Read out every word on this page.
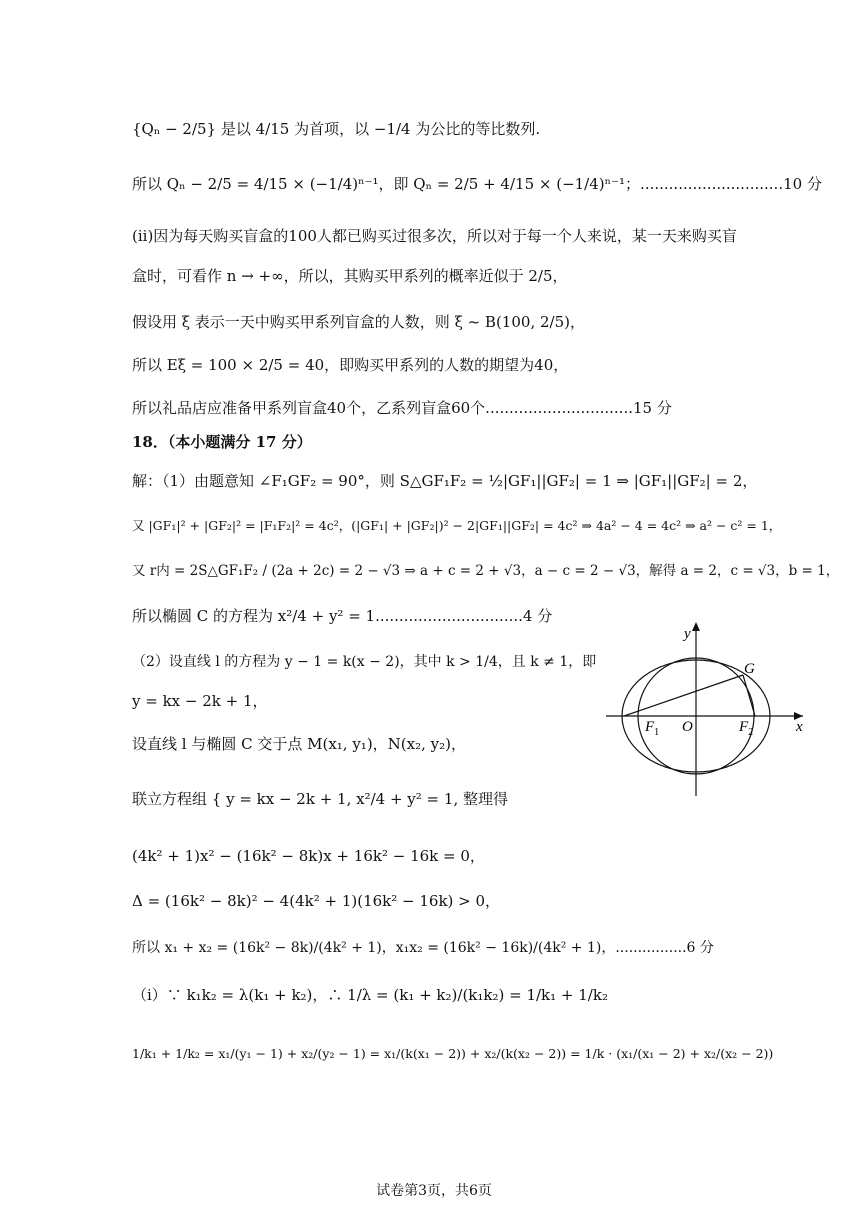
{Qₙ − 2/5} 是以 4/15 为首项，以 −1/4 为公比的等比数列.
所以 Qₙ − 2/5 = 4/15 × (−1/4)ⁿ⁻¹，即 Qₙ = 2/5 + 4/15 × (−1/4)ⁿ⁻¹；..............................10 分
(ii)因为每天购买盲盒的100人都已购买过很多次，所以对于每一个人来说，某一天来购买盲
盒时，可看作 n → +∞，所以，其购买甲系列的概率近似于 2/5，
假设用 ξ 表示一天中购买甲系列盲盒的人数，则 ξ ~ B(100, 2/5)，
所以 Eξ = 100 × 2/5 = 40，即购买甲系列的人数的期望为40，
所以礼品店应准备甲系列盲盒40个，乙系列盲盒60个...............................15 分
18．（本小题满分 17 分）
解：（1）由题意知 ∠F₁GF₂ = 90°，则 S△GF₁F₂ = ½|GF₁||GF₂| = 1 ⇒ |GF₁||GF₂| = 2，
又 |GF₁|² + |GF₂|² = |F₁F₂|² = 4c²，(|GF₁| + |GF₂|)² − 2|GF₁||GF₂| = 4c² ⇒ 4a² − 4 = 4c² ⇒ a² − c² = 1，
又 r内 = 2S△GF₁F₂ / (2a + 2c) = 2 − √3 ⇒ a + c = 2 + √3，a − c = 2 − √3，解得 a = 2，c = √3，b = 1，
所以椭圆 C 的方程为 x²/4 + y² = 1...............................4 分
（2）设直线 l 的方程为 y − 1 = k(x − 2)，其中 k > 1/4，且 k ≠ 1，即
y = kx − 2k + 1，
设直线 l 与椭圆 C 交于点 M(x₁, y₁)，N(x₂, y₂)，
联立方程组 { y = kx − 2k + 1, x²/4 + y² = 1, 整理得
(4k² + 1)x² − (16k² − 8k)x + 16k² − 16k = 0，
Δ = (16k² − 8k)² − 4(4k² + 1)(16k² − 16k) > 0，
所以 x₁ + x₂ = (16k² − 8k)/(4k² + 1)，x₁x₂ = (16k² − 16k)/(4k² + 1)，................6 分
（i）∵ k₁k₂ = λ(k₁ + k₂)，∴ 1/λ = (k₁ + k₂)/(k₁k₂) = 1/k₁ + 1/k₂
1/k₁ + 1/k₂ = x₁/(y₁ − 1) + x₂/(y₂ − 1) = x₁/(k(x₁ − 2)) + x₂/(k(x₂ − 2)) = 1/k · (x₁/(x₁ − 2) + x₂/(x₂ − 2))
y
x
O
G
$F_1$	$F_2$
试卷第3页，共6页
